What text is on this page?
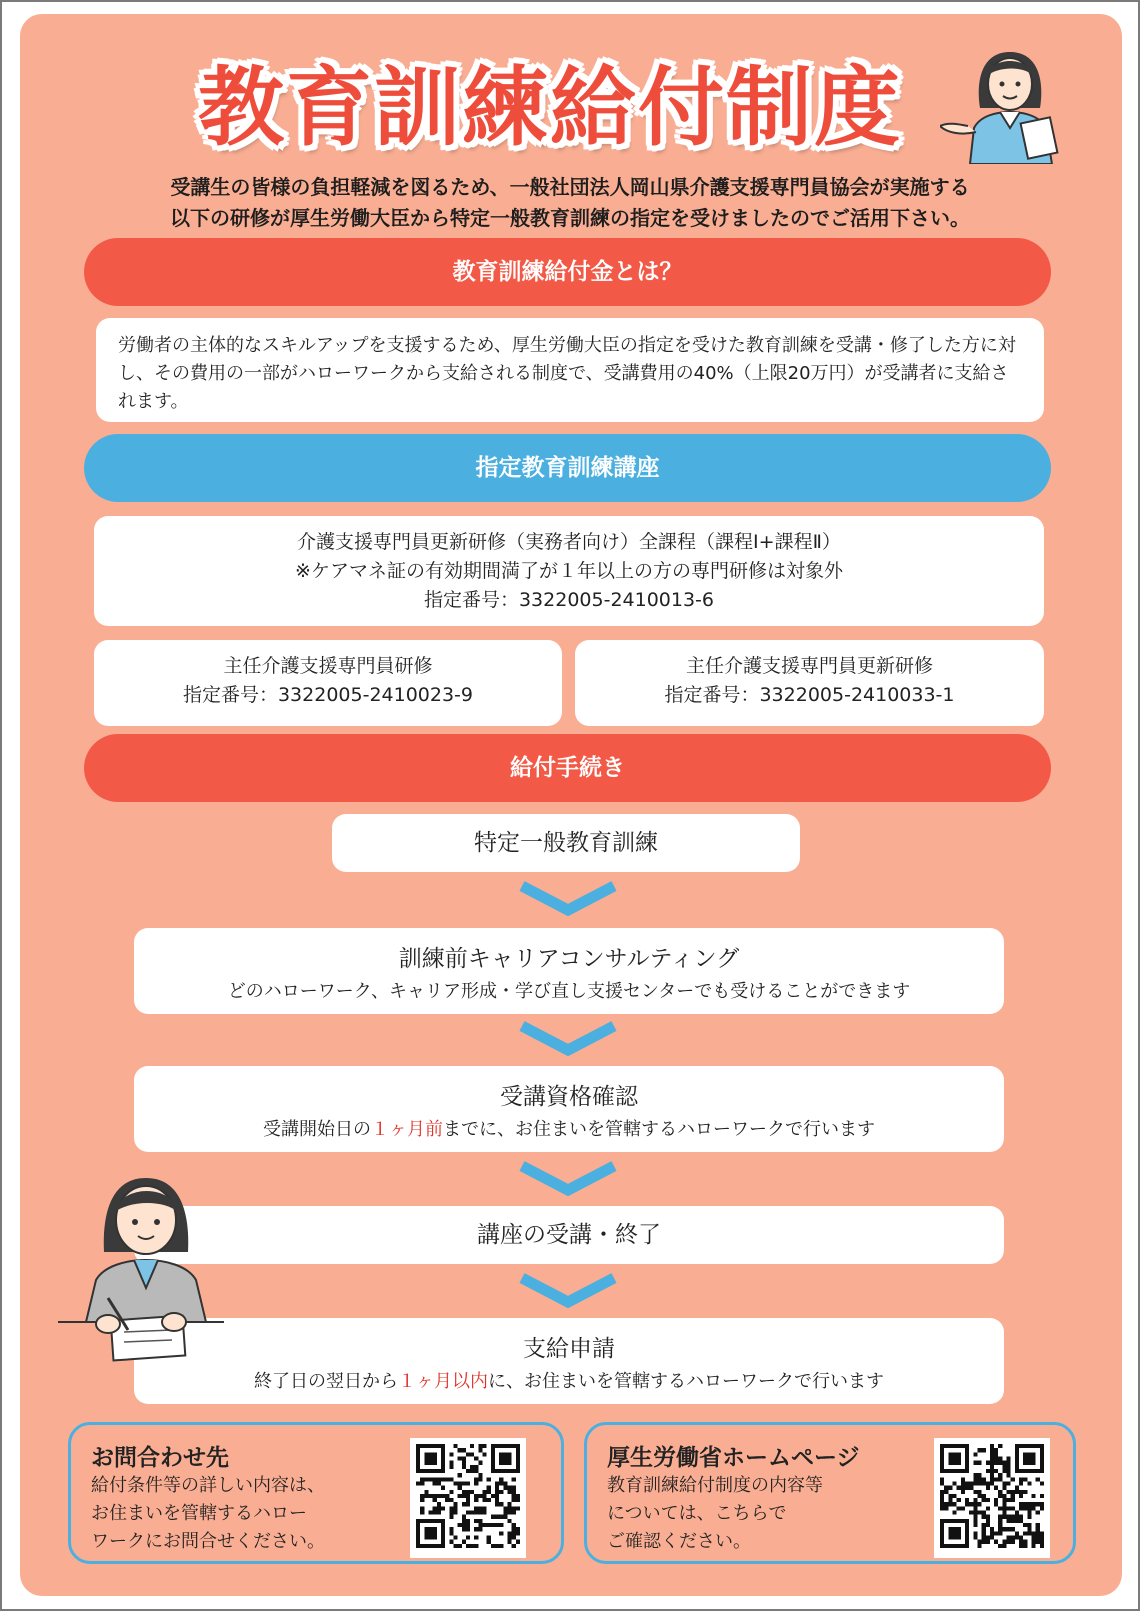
教育訓練給付制度
受講生の皆様の負担軽減を図るため、一般社団法人岡山県介護支援専門員協会が実施する
以下の研修が厚生労働大臣から特定一般教育訓練の指定を受けましたのでご活用下さい。
教育訓練給付金とは？
労働者の主体的なスキルアップを支援するため、厚生労働大臣の指定を受けた教育訓練を受講・修了した方に対し、その費用の一部がハローワークから支給される制度で、受講費用の40%（上限20万円）が受講者に支給されます。
指定教育訓練講座
介護支援専門員更新研修（実務者向け）全課程（課程Ⅰ+課程Ⅱ）
※ケアマネ証の有効期間満了が１年以上の方の専門研修は対象外
指定番号：3322005-2410013-6
主任介護支援専門員研修
指定番号：3322005-2410023-9
主任介護支援専門員更新研修
指定番号：3322005-2410033-1
給付手続き
特定一般教育訓練
訓練前キャリアコンサルティング
どのハローワーク、キャリア形成・学び直し支援センターでも受けることができます
受講資格確認
受講開始日の１ヶ月前までに、お住まいを管轄するハローワークで行います
講座の受講・終了
支給申請
終了日の翌日から１ヶ月以内に、お住まいを管轄するハローワークで行います
お問合わせ先
給付条件等の詳しい内容は、
お住まいを管轄するハロー
ワークにお問合せください。
厚生労働省ホームページ
教育訓練給付制度の内容等
については、こちらで
ご確認ください。
